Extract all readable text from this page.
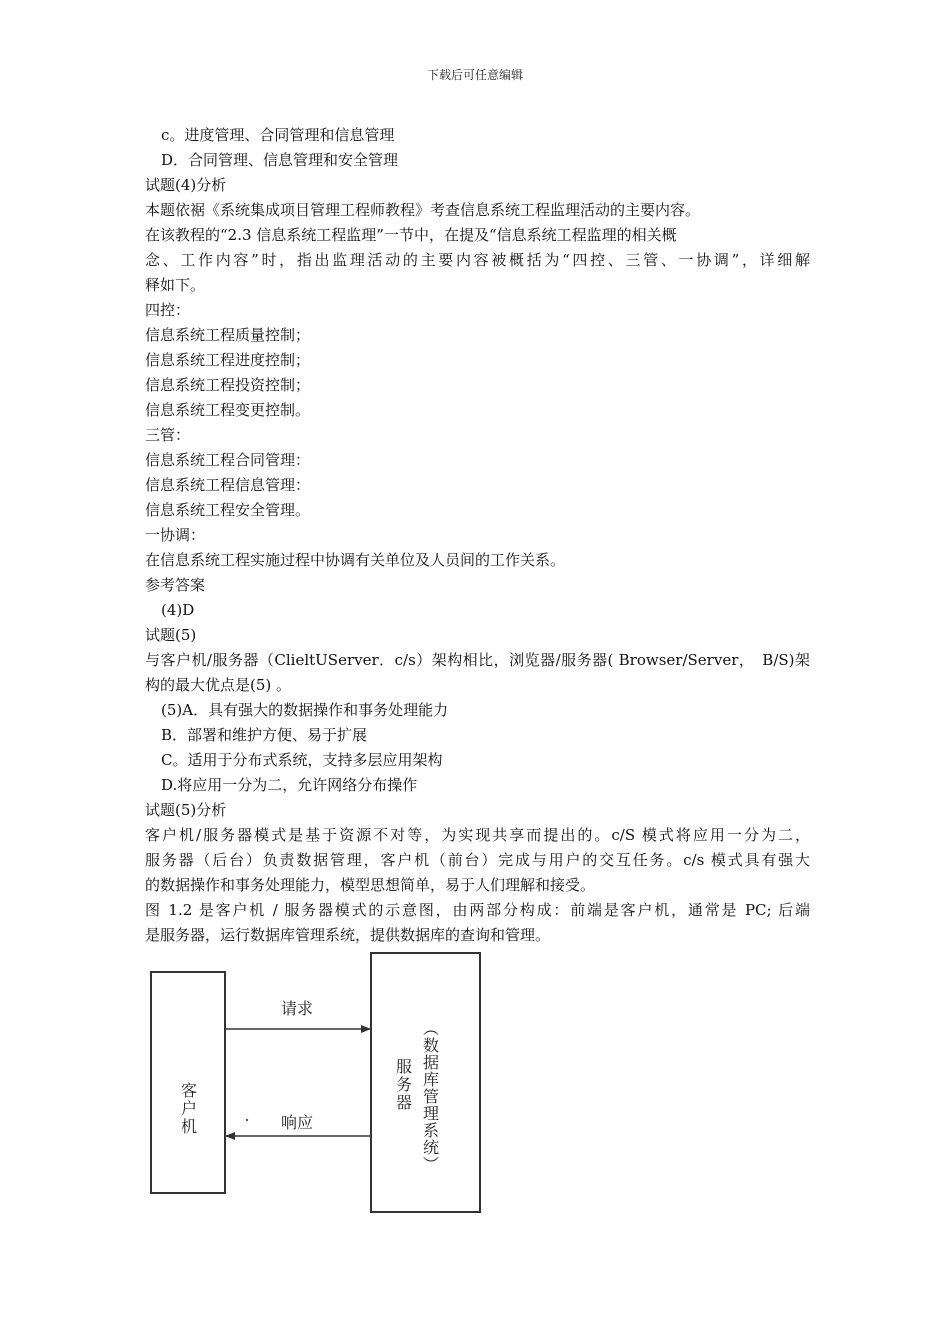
下载后可任意编辑
c。进度管理、合同管理和信息管理
D．合同管理、信息管理和安全管理
试题(4)分析
本题依裾《系统集成项目管理工程师教程》考查信息系统工程监理活动的主要内容。
在该教程的“2.3 信息系统工程监理”一节中，在提及“信息系统工程监理的相关概
念、工作内容”时，指出监理活动的主要内容被概括为“四控、三管、一协调”，详细解
释如下。
四控：
信息系统工程质量控制；
信息系统工程进度控制；
信息系统工程投资控制；
信息系统工程变更控制。
三管：
信息系统工程合同管理：
信息系统工程信息管理：
信息系统工程安全管理。
一协调：
在信息系统工程实施过程中协调有关单位及人员间的工作关系。
参考答案
(4)D
试题(5)
与客户机/服务器（ClieltUServer．c/s）架构相比，浏览器/服务器( Browser/Server，　B/S)架
构的最大优点是(5) 。
(5)A．具有强大的数据操作和事务处理能力
B．部署和维护方便、易于扩展
C。适用于分布式系统，支持多层应用架构
D.将应用一分为二，允许网络分布操作
试题(5)分析
客户机/服务器模式是基于资源不对等，为实现共享而提出的。c/S 模式将应用一分为二，
服务器（后台）负责数据管理，客户机（前台）完成与用户的交互任务。c/s 模式具有强大
的数据操作和事务处理能力，模型思想简单，易于人们理解和接受。
图 1.2 是客户机 / 服务器模式的示意图，由两部分构成：前端是客户机，通常是 PC; 后端
是服务器，运行数据库管理系统，提供数据库的查询和管理。
请求
响应
客户机	服务器 （数据库管理系统）
